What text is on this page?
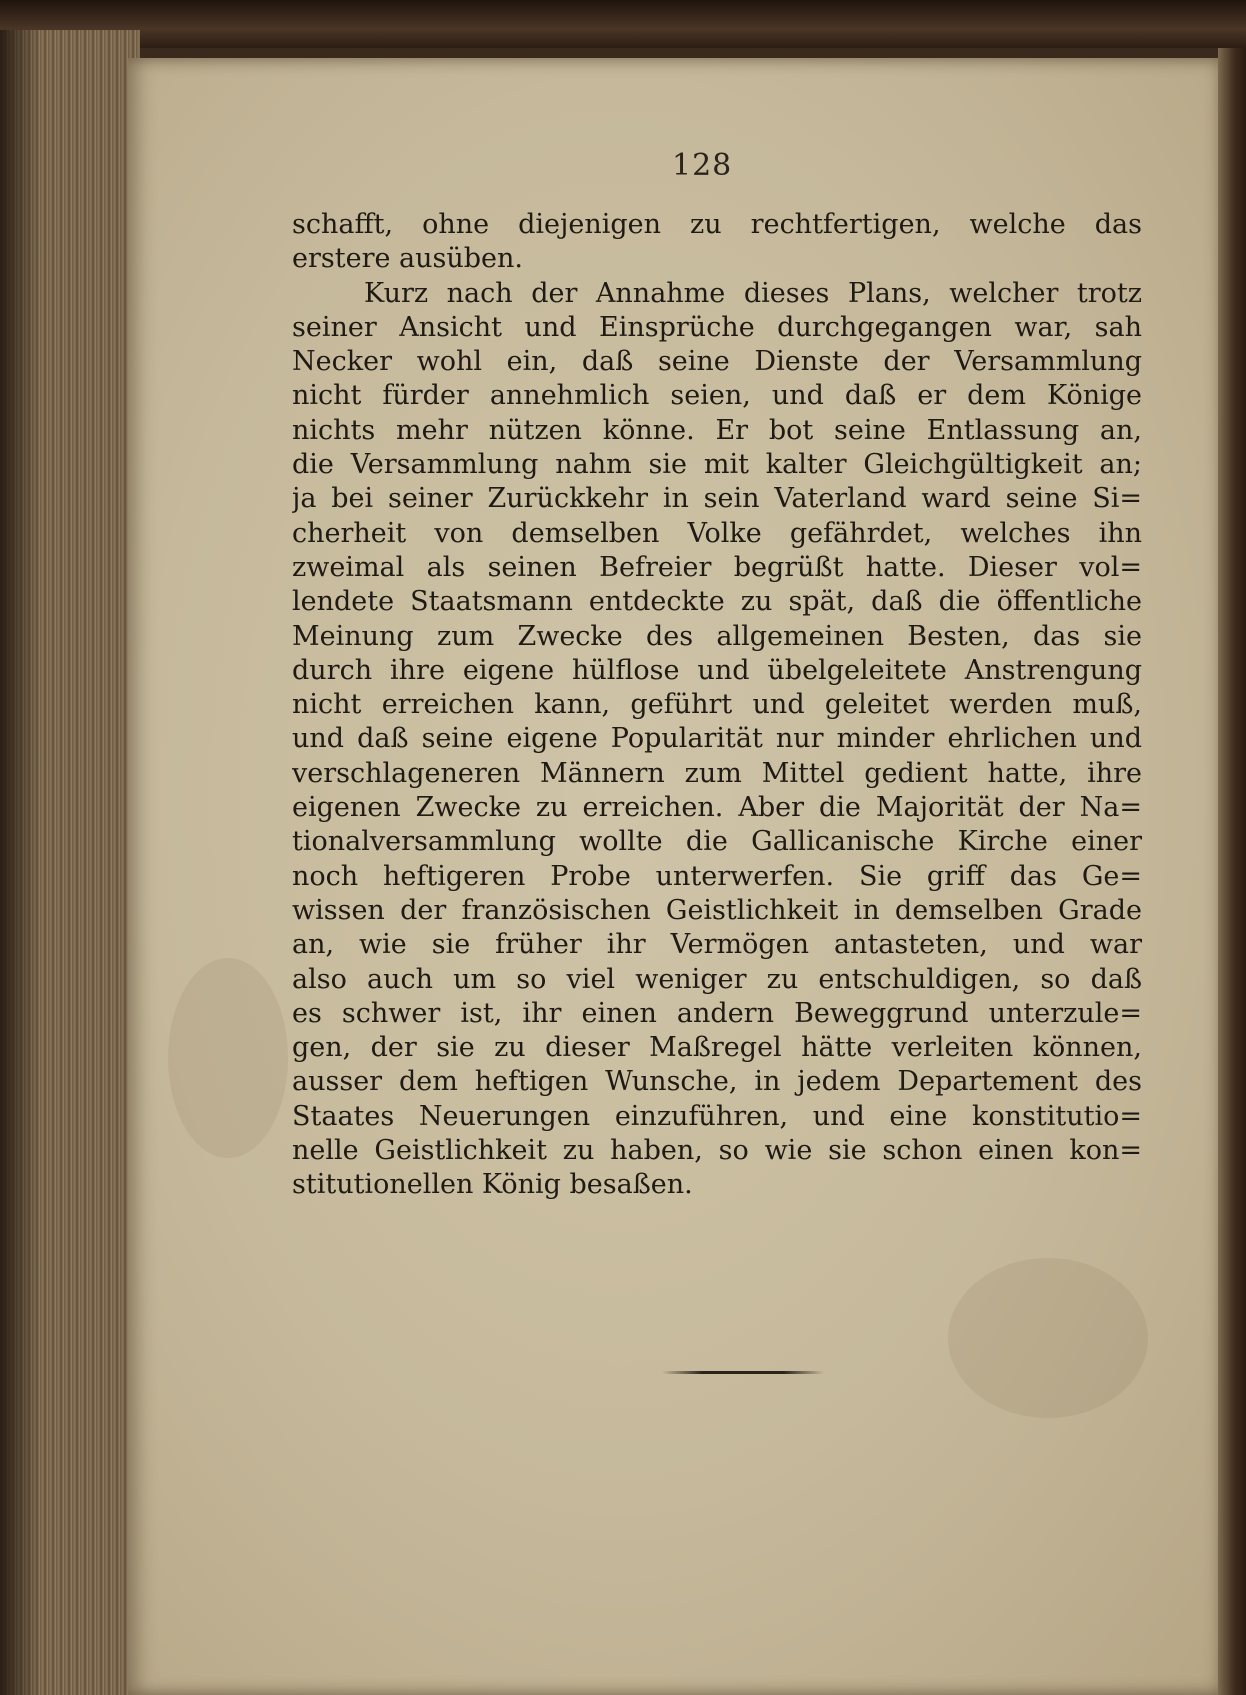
128
schafft, ohne diejenigen zu rechtfertigen, welche das
erstere ausüben.
Kurz nach der Annahme dieses Plans, welcher trotz
seiner Ansicht und Einsprüche durchgegangen war, sah
Necker wohl ein, daß seine Dienste der Versammlung
nicht fürder annehmlich seien, und daß er dem Könige
nichts mehr nützen könne. Er bot seine Entlassung an,
die Versammlung nahm sie mit kalter Gleichgültigkeit an;
ja bei seiner Zurückkehr in sein Vaterland ward seine Si=
cherheit von demselben Volke gefährdet, welches ihn
zweimal als seinen Befreier begrüßt hatte. Dieser vol=
lendete Staatsmann entdeckte zu spät, daß die öffentliche
Meinung zum Zwecke des allgemeinen Besten, das sie
durch ihre eigene hülflose und übelgeleitete Anstrengung
nicht erreichen kann, geführt und geleitet werden muß,
und daß seine eigene Popularität nur minder ehrlichen und
verschlageneren Männern zum Mittel gedient hatte, ihre
eigenen Zwecke zu erreichen. Aber die Majorität der Na=
tionalversammlung wollte die Gallicanische Kirche einer
noch heftigeren Probe unterwerfen. Sie griff das Ge=
wissen der französischen Geistlichkeit in demselben Grade
an, wie sie früher ihr Vermögen antasteten, und war
also auch um so viel weniger zu entschuldigen, so daß
es schwer ist, ihr einen andern Beweggrund unterzule=
gen, der sie zu dieser Maßregel hätte verleiten können,
ausser dem heftigen Wunsche, in jedem Departement des
Staates Neuerungen einzuführen, und eine konstitutio=
nelle Geistlichkeit zu haben, so wie sie schon einen kon=
stitutionellen König besaßen.
